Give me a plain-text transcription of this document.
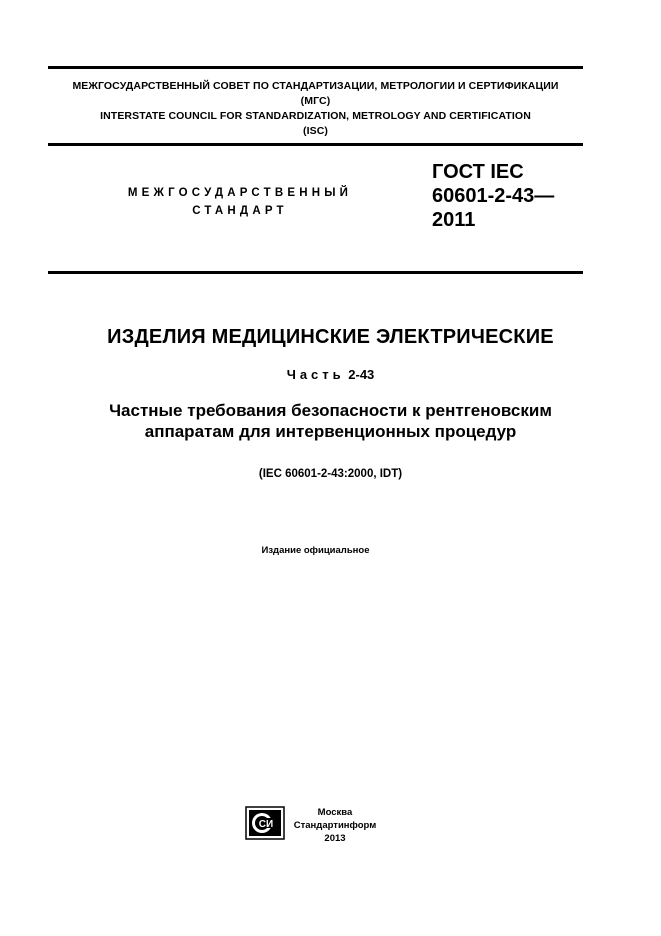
МЕЖГОСУДАРСТВЕННЫЙ СОВЕТ ПО СТАНДАРТИЗАЦИИ, МЕТРОЛОГИИ И СЕРТИФИКАЦИИ
(МГС)
INTERSTATE COUNCIL FOR STANDARDIZATION, METROLOGY AND CERTIFICATION
(ISC)
МЕЖГОСУДАРСТВЕННЫЙ
СТАНДАРТ
ГОСТ IEC
60601-2-43—
2011
ИЗДЕЛИЯ МЕДИЦИНСКИЕ ЭЛЕКТРИЧЕСКИЕ
Часть 2-43
Частные требования безопасности к рентгеновским
аппаратам для интервенционных процедур
(IEC 60601-2-43:2000, IDT)
Издание официальное
СИ
Москва
Стандартинформ
2013
